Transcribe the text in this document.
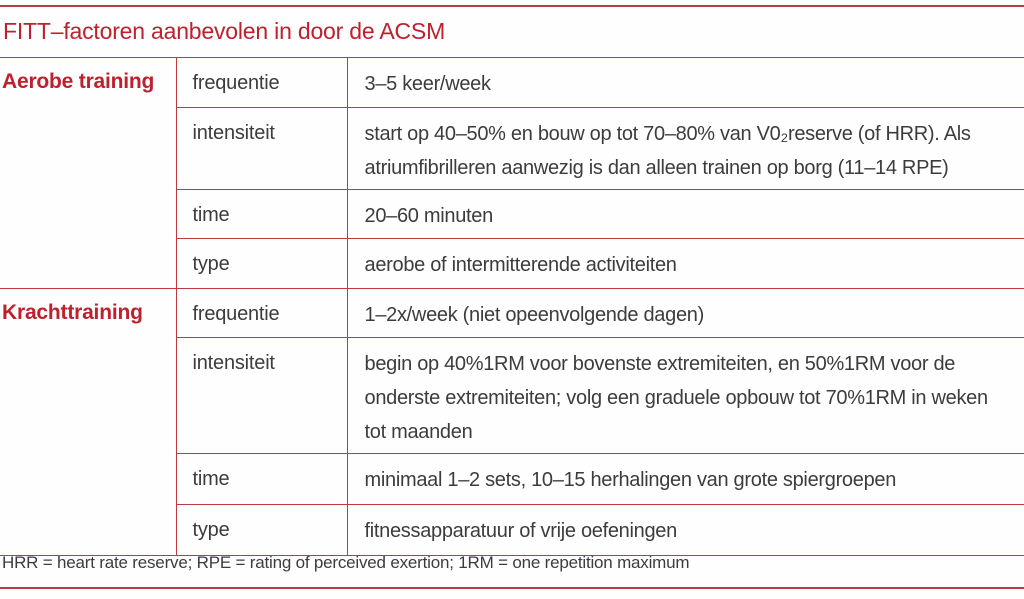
FITT–factoren aanbevolen in door de ACSM
Aerobe training	frequentie	3–5 keer/week
	intensiteit	start op 40–50% en bouw op tot 70–80% van V0₂reserve (of HRR). Als atriumfibrilleren aanwezig is dan alleen trainen op borg (11–14 RPE)
	time	20–60 minuten
	type	aerobe of intermitterende activiteiten
Krachttraining	frequentie	1–2x/week (niet opeenvolgende dagen)
	intensiteit	begin op 40%1RM voor bovenste extremiteiten, en 50%1RM voor de onderste extremiteiten; volg een graduele opbouw tot 70%1RM in weken tot maanden
	time	minimaal 1–2 sets, 10–15 herhalingen van grote spiergroepen
	type	fitnessapparatuur of vrije oefeningen
HRR = heart rate reserve; RPE = rating of perceived exertion; 1RM = one repetition maximum
